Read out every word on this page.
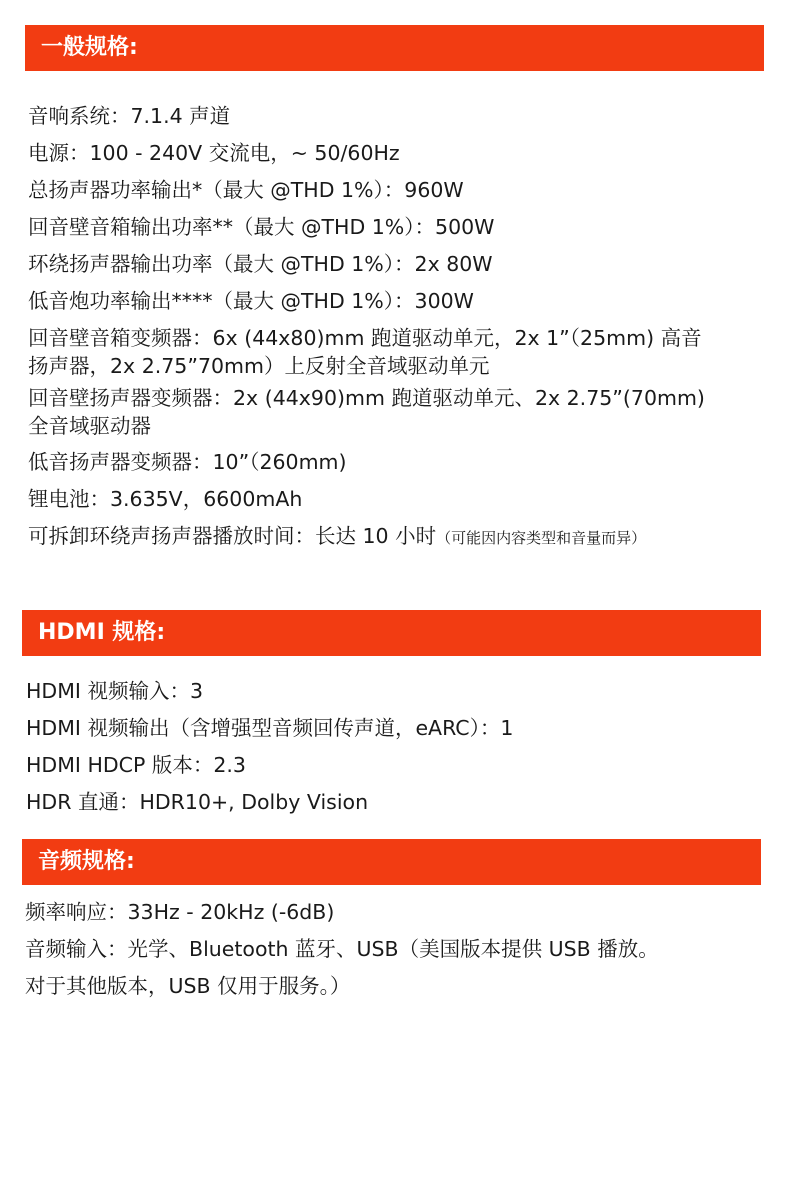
一般规格:
音响系统：7.1.4 声道
电源：100 - 240V 交流电，~ 50/60Hz
总扬声器功率输出*（最大 @THD 1%）：960W
回音壁音箱输出功率**（最大 @THD 1%）：500W
环绕扬声器输出功率（最大 @THD 1%）：2x 80W
低音炮功率输出****（最大 @THD 1%）：300W
回音壁音箱变频器：6x (44x80)mm 跑道驱动单元，2x 1”（25mm) 高音
扬声器，2x 2.75”70mm）上反射全音域驱动单元
回音壁扬声器变频器：2x (44x90)mm 跑道驱动单元、2x 2.75”(70mm)
全音域驱动器
低音扬声器变频器：10”（260mm)
锂电池：3.635V，6600mAh
可拆卸环绕声扬声器播放时间：长达 10 小时（可能因内容类型和音量而异）
HDMI 规格:
HDMI 视频输入：3
HDMI 视频输出（含增强型音频回传声道，eARC）：1
HDMI HDCP 版本：2.3
HDR 直通：HDR10+, Dolby Vision
音频规格:
频率响应：33Hz - 20kHz (-6dB)
音频输入：光学、Bluetooth 蓝牙、USB（美国版本提供 USB 播放。
对于其他版本，USB 仅用于服务。）
